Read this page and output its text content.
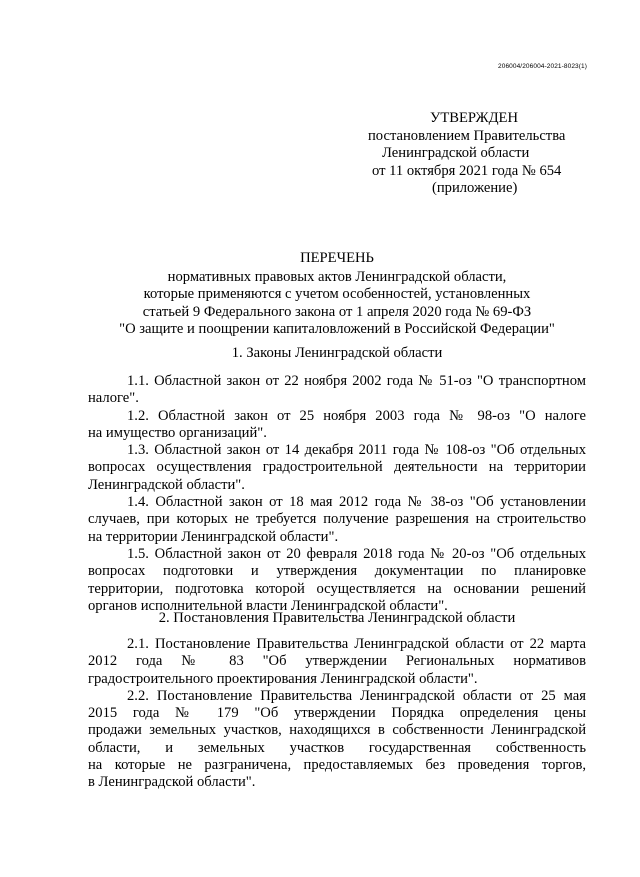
206004/206004-2021-8023(1)
УТВЕРЖДЕН
постановлением Правительства
Ленинградской области
от 11 октября 2021 года № 654
(приложение)
ПЕРЕЧЕНЬ
нормативных правовых актов Ленинградской области,
которые применяются с учетом особенностей, установленных
статьей 9 Федерального закона от 1 апреля 2020 года № 69-ФЗ
"О защите и поощрении капиталовложений в Российской Федерации"
1. Законы Ленинградской области
1.1. Областной закон от 22 ноября 2002 года № 51-оз "О транспортном
налоге".
1.2. Областной закон от 25 ноября 2003 года № 98-оз "О налоге
на имущество организаций".
1.3. Областной закон от 14 декабря 2011 года № 108-оз "Об отдельных
вопросах осуществления градостроительной деятельности на территории
Ленинградской области".
1.4. Областной закон от 18 мая 2012 года № 38-оз "Об установлении
случаев, при которых не требуется получение разрешения на строительство
на территории Ленинградской области".
1.5. Областной закон от 20 февраля 2018 года № 20-оз "Об отдельных
вопросах подготовки и утверждения документации по планировке
территории, подготовка которой осуществляется на основании решений
органов исполнительной власти Ленинградской области".
2. Постановления Правительства Ленинградской области
2.1. Постановление Правительства Ленинградской области от 22 марта
2012 года № 83 "Об утверждении Региональных нормативов
градостроительного проектирования Ленинградской области".
2.2. Постановление Правительства Ленинградской области от 25 мая
2015 года № 179 "Об утверждении Порядка определения цены
продажи земельных участков, находящихся в собственности Ленинградской
области, и земельных участков государственная собственность
на которые не разграничена, предоставляемых без проведения торгов,
в Ленинградской области".
